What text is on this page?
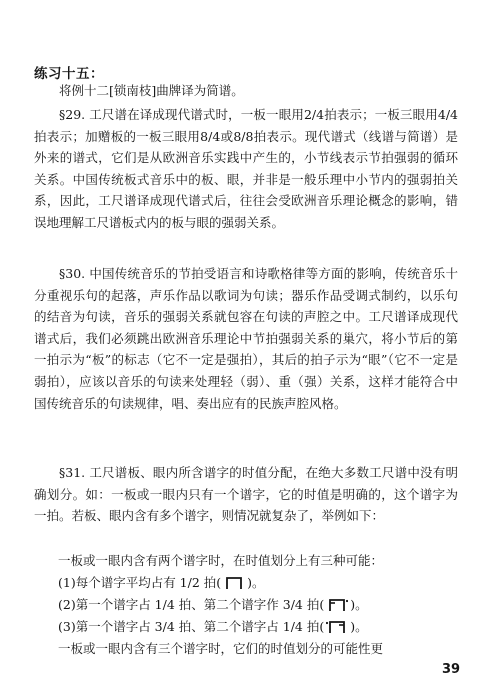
练习十五：
将例十二[锁南枝]曲牌译为简谱。
§29. 工尺谱在译成现代谱式时，一板一眼用2/4拍表示；一板三眼用4/4拍表示；加赠板的一板三眼用8/4或8/8拍表示。现代谱式（线谱与简谱）是外来的谱式，它们是从欧洲音乐实践中产生的，小节线表示节拍强弱的循环关系。中国传统板式音乐中的板、眼，并非是一般乐理中小节内的强弱拍关系，因此，工尺谱译成现代谱式后，往往会受欧洲音乐理论概念的影响，错误地理解工尺谱板式内的板与眼的强弱关系。
§30. 中国传统音乐的节拍受语言和诗歌格律等方面的影响，传统音乐十分重视乐句的起落，声乐作品以歌词为句读；器乐作品受调式制约，以乐句的结音为句读，音乐的强弱关系就包容在句读的声腔之中。工尺谱译成现代谱式后，我们必须跳出欧洲音乐理论中节拍强弱关系的巢穴，将小节后的第一拍示为“板”的标志（它不一定是强拍），其后的拍子示为“眼”（它不一定是弱拍），应该以音乐的句读来处理轻（弱）、重（强）关系，这样才能符合中国传统音乐的句读规律，唱、奏出应有的民族声腔风格。
§31. 工尺谱板、眼内所含谱字的时值分配，在绝大多数工尺谱中没有明确划分。如：一板或一眼内只有一个谱字，它的时值是明确的，这个谱字为一拍。若板、眼内含有多个谱字，则情况就复杂了，举例如下：
一板或一眼内含有两个谱字时，在时值划分上有三种可能：
(1)每个谱字平均占有 1/2 拍( )。
(2)第一个谱字占 1/4 拍、第二个谱字作 3/4 拍( )。
(3)第一个谱字占 3/4 拍、第二个谱字占 1/4 拍( )。
一板或一眼内含有三个谱字时，它们的时值划分的可能性更
39
